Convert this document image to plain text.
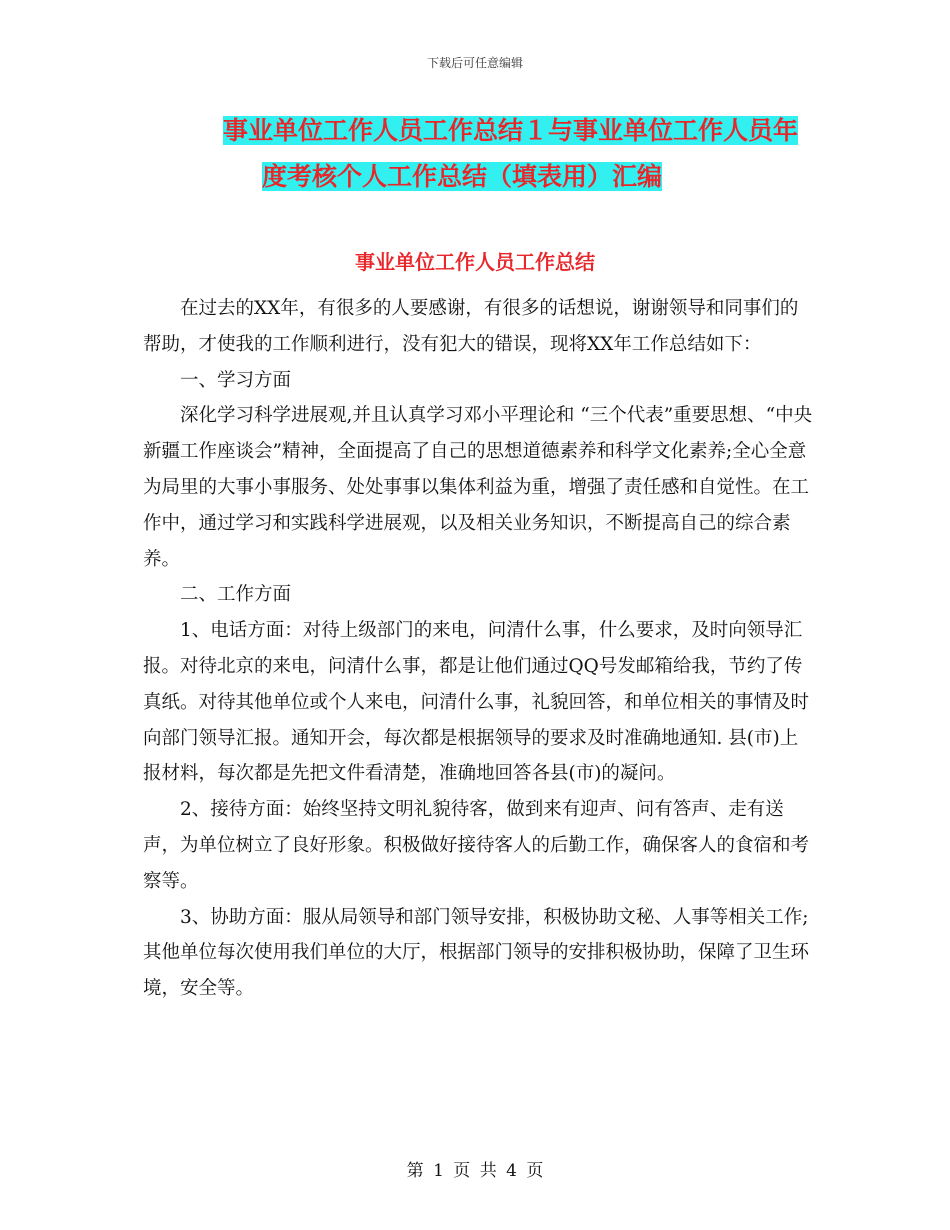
下载后可任意编辑
事业单位工作人员工作总结１与事业单位工作人员年
度考核个人工作总结（填表用）汇编
事业单位工作人员工作总结

在过去的XX年，有很多的人要感谢，有很多的话想说，谢谢领导和同事们的帮助，才使我的工作顺利进行，没有犯大的错误，现将XX年工作总结如下：

一、学习方面

深化学习科学进展观,并且认真学习邓小平理论和 “三个代表”重要思想、“中央新疆工作座谈会”精神，全面提高了自己的思想道德素养和科学文化素养;全心全意为局里的大事小事服务、处处事事以集体利益为重，增强了责任感和自觉性。在工作中，通过学习和实践科学进展观，以及相关业务知识，不断提高自己的综合素养。

二、工作方面

1、电话方面：对待上级部门的来电，问清什么事，什么要求，及时向领导汇报。对待北京的来电，问清什么事，都是让他们通过QQ号发邮箱给我，节约了传真纸。对待其他单位或个人来电，问清什么事，礼貌回答，和单位相关的事情及时向部门领导汇报。通知开会，每次都是根据领导的要求及时准确地通知. 县(市)上报材料，每次都是先把文件看清楚，准确地回答各县(市)的凝问。

2、接待方面：始终坚持文明礼貌待客，做到来有迎声、问有答声、走有送声，为单位树立了良好形象。积极做好接待客人的后勤工作，确保客人的食宿和考察等。

3、协助方面：服从局领导和部门领导安排，积极协助文秘、人事等相关工作;其他单位每次使用我们单位的大厅，根据部门领导的安排积极协助，保障了卫生环境，安全等。

第 1 页 共 4 页
